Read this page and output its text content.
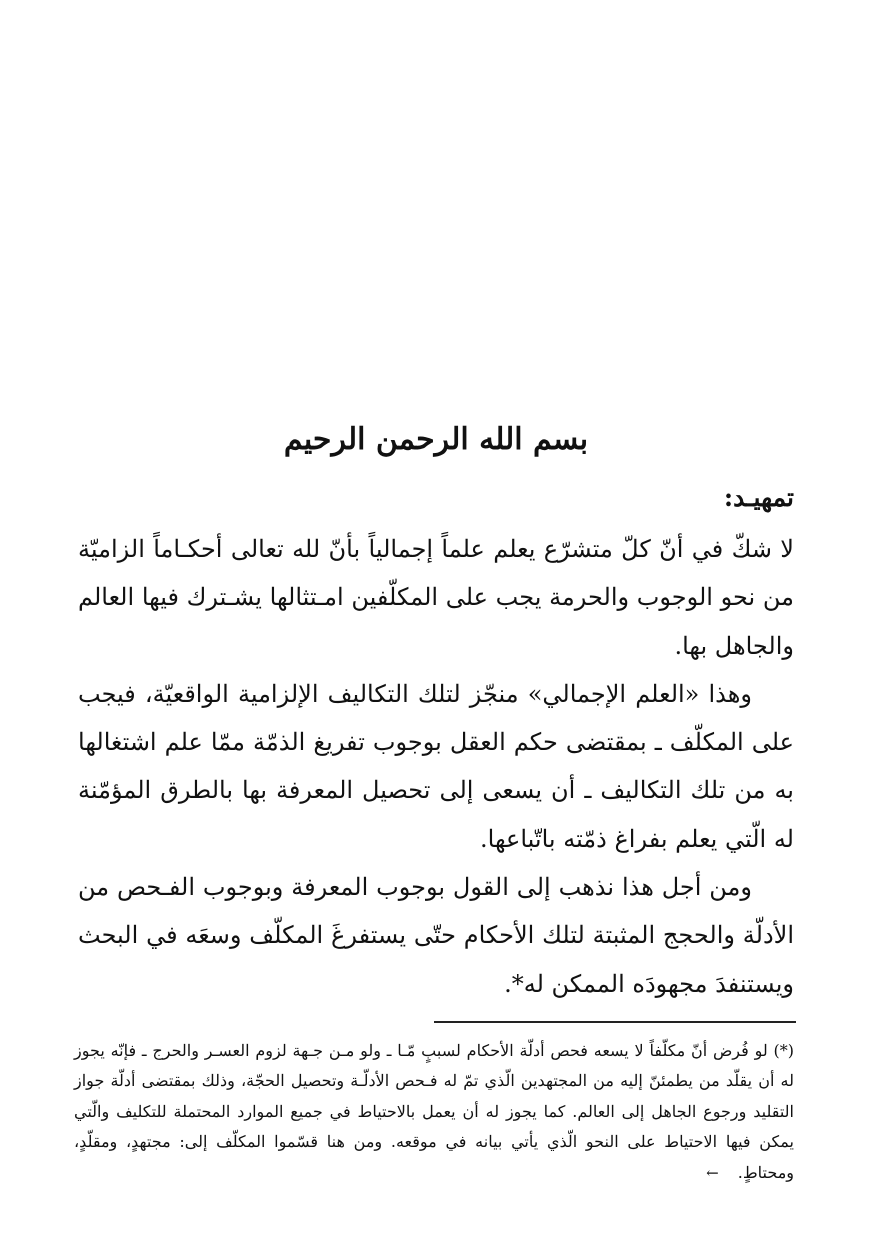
بسم الله الرحمن الرحيم
تمهيـد:

لا شكّ في أنّ كلّ متشرّع يعلم علماً إجمالياً بأنّ لله تعالى أحكـاماً الزاميّة من نحو الوجوب والحرمة يجب على المكلّفين امـتثالها يشـترك فيها العالم والجاهل بها.

وهذا «العلم الإجمالي» منجّز لتلك التكاليف الإلزامية الواقعيّة، فيجب على المكلّف ـ بمقتضى حكم العقل بوجوب تفريغ الذمّة ممّا علم اشتغالها به من تلك التكاليف ـ أن يسعى إلى تحصيل المعرفة بها بالطرق المؤمّنة له الّتي يعلم بفراغ ذمّته باتّباعها.

ومن أجل هذا نذهب إلى القول بوجوب المعرفة وبوجوب الفـحص من الأدلّة والحجج المثبتة لتلك الأحكام حتّى يستفرغَ المكلّف وسعَه في البحث ويستنفدَ مجهودَه الممكن له*.

(*) لو فُرض أنّ مكلّفاً لا يسعه فحص أدلّة الأحكام لسببٍ مّـا ـ ولو مـن جـهة لزوم العسـر والحرج ـ فإنّه يجوز له أن يقلّد من يطمئنّ إليه من المجتهدين الّذي تمّ له فـحص الأدلّـة وتحصيل الحجّة، وذلك بمقتضى أدلّة جواز التقليد ورجوع الجاهل إلى العالم. كما يجوز له أن يعمل بالاحتياط في جميع الموارد المحتملة للتكليف والّتي يمكن فيها الاحتياط على النحو الّذي يأتي بيانه في موقعه. ومن هنا قسّموا المكلّف إلى: مجتهدٍ، ومقلّدٍ، ومحتاطٍ. ←
